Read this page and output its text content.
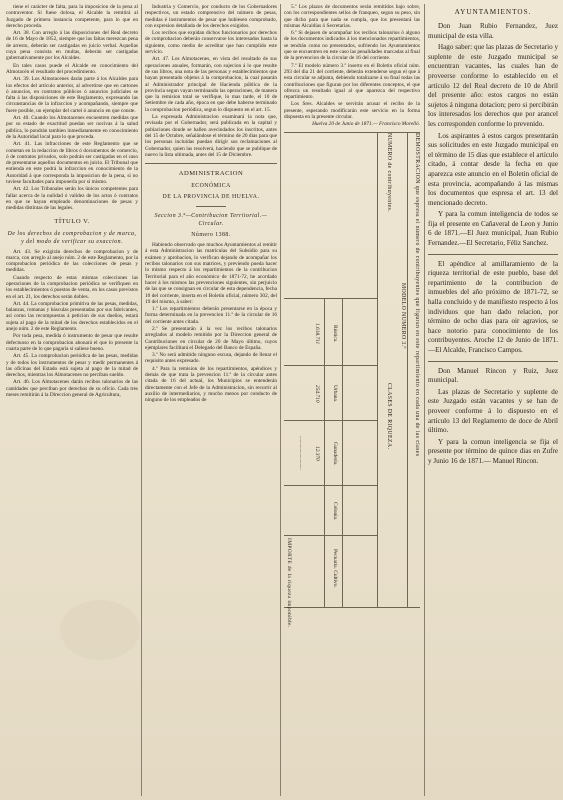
tiene el carácter de falta, para la imposicion de la pena al contraventor. Si fuese dolosa, el Alcalde la remitirá al Juzgado de primera instancia competente, para lo que en derecho proceda.

Art. 38. Con arreglo á las disposiciones del Real decreto de 16 de Mayo de 1852, siempre que las faltas merezcan pena de arresto, deberán ser castigadas en juicio verbal. Aquellas cuya pena consista en multas, deberán ser castigadas gubernativamente por los Alcaldes.

En tales casos puede el Alcalde en conocimiento del Almotacén el resultado del procedimiento.

Art. 39. Los Almotacenes darán parte á los Alcaldes para los efectos del artículo anterior, al advertirse que en cartones ó anuncios, en contratos públicos ó anuncios judiciales se falta á las disposiciones de este Reglamento, expresando las circunstancias de la infraccion y acompañando, siempre que fuere posible, un ejemplar del cartel ó anuncio en que conste.

Art. 40. Cuando los Almotacenes encuentren medidas que por su estado de exactitud puedan ser nocivas á la salud pública, lo pondrán tambien inmediatamente en conocimiento de la Autoridad local para lo que proceda.

Art. 41. Las infracciones de este Reglamento que se cometan en la redaccion de libros ó documentos de comercio, ó de contratos privados, solo podrán ser castigadas en el caso de presentarse aquellos documentos en juicio. El Tribunal que entienda en este podrá la infraccion en conocimiento de la Autoridad á que corresponda la imposicion de la pena, si no tuviese facultades para imponerla por sí mismo.

Art. 42. Los Tribunales serán los únicos competentes para fallar acerca de la nulidad ó validez de los actos ó contratos en que se hayan empleado denominaciones de pesas y medidas distintas de las legales.

TÍTULO V.
De los derechos de comprobacion y de marca, y del modo de verificar su exaccion.

Art. 43. Se exigirán derechos de comprobacion y de marca, con arreglo al anejo núm. 2 de este Reglamento, por la comprobacion periódica de las colecciones de pesas y medidas.

Cuando respecto de estas mismas colecciones las operaciones de la comprobacion periódica se verifiquen en los establecimientos ó puestos de venta, en los casos previstos en el art. 21, los derechos serán dobles.

Art. 44. La comprobacion primitiva de las pesas, medidas, balanzas, romanas y básculas presentadas por sus fabricantes, así como las recompuestas á peticion de sus dueños, estará sujeta al pago de la mitad de los derechos establecidos en el anejo núm. 2 de este Reglamento.

Por toda pesa, medida ó instrumento de pesar que resulte defectuoso en la comprobacion abonará el que lo presente la cuarta parte de lo que pagaría si saliese bueno.

Art. 45. La comprobacion periódica de las pesas, medidas y de todos los instrumentos de pesar y medir permanentes á las oficinas del Estado está sujeta al pago de la mitad de derechos, mientras los Almotacenes no perciban sueldo.

Art. 46. Los Almotacenes darán recibos talonarios de las cantidades que perciban por derechos de su oficio. Cada tres meses remitirán á la Direccion general de Agricultura,

Industria y Comercio, por conducto de los Gobernadores respectivos, un estado comprensivo del número de pesas, medidas é instrumentos de pesar que hubiesen comprobado, con expresion detallada de los derechos exigidos.

Los recibos que expidan dichos funcionarios por derechos de comprobacion deberán conservarse los interesados hasta la siguiente, como medio de acreditar que han cumplido este servicio.

Art. 47. Los Almotacenes, en vista del resultado de sus operaciones anuales, formarán, con sujecion á lo que resulte de sus libros, una nota de las personas y establecimientos que hayan presentado objetos á la comprobacion, la cual pasarán al Administrador principal de Hacienda pública de la provincia segun vayan terminando las operaciones, de manera que la remision total se verifique, lo mas tarde, el 10 de Setiembre de cada año, época en que debe haberse terminado la comprobacion periódica, segun lo dispuesto en el art. 15.

La expresada Administracion examinará la nota que, revisada por el Gobernador, será publicada en la capital y poblaciones donde se hallen avecindados los inscritos, antes del 15 de Octubre, señalándose el término de 20 dias para que los personas incluidas puedan dirigir sus reclamaciones al Gobernador, quien las resolverá, haciendo que se publique de nuevo la lista ultimada, antes del 15 de Diciembre.

ADMINISTRACION
ECONÓMICA
DE LA PROVINCIA DE HUELVA.
Seccion 3.ª—Contribucion Territorial.—Circular.
Número 1388.

Habiendo observado que muchos Ayuntamientos al remitir á esta Administracion las matrículas del Subsidio para su exámen y aprobacion, lo verifican dejando de acompañar los recibos talonarios con sus matrices, y previendo pueda hacer lo mismo respecto á los repartimientos de la contribucion Territorial para el año económico de 1871-72, he acordado hacer á los mismos las prevenciones siguientes, sin perjuicio de las que se consignan en circular de esta dependencia, fecha 10 del corriente, inserta en el Boletin oficial, número 302, del 19 del mismo, á saber:

1.º Los repartimientos deberán presentarse en la época y forma determinada en la prevencion 11.ª de la circular de 16 del corriente antes citada.

2.º Se presentarán á la vez los recibos talonarios arreglados al modelo remitido por la Direccion general de Contribuciones en circular de 20 de Mayo último, cuyos ejemplares facilitará el Delegado del Banco de España.

3.º No será admitido ninguno escusa, dejando de llenar el requisito antes expresado.

4.º Para la remision de los repartimientos, apéndices y demás de que trata la prevencion 11.ª de la circular antes citada de 16 del actual, los Municipios se entenderán directamente con el Jefe de la Administracion, sin recurrir al auxilio de intermediarios, y mucho menos por conducto de ninguno de los empleados de

5.º Los plazos de documentos serán remitidos bajo sobre, con los correspondientes sellos de franqueo, segun su peso, sin que dicho para que nada se cumpla, que los presentará las mismas Alcaldías ó Secretarías.

6.º Si dejasen de acompañar los recibos talonarios ó alguno de los documentos indicados á los mencionados repartimientos, se tendrán como no presentados, sufriendo los Ayuntamientos que se encuentren en este caso las penalidades marcadas al final de la prevencion de la circular de 16 del corriente.

7.º El modelo número 3.º inserto en el Boletin oficial núm. 293 del dia 21 del corriente, deberán extenderse segun el que á esta circular se adjunta, debiendo totalizarse á su final todas las contribuciones que figuran por los diferentes conceptos, el que ofrezca un resultado igual al que aparezca del respectivo repartimiento.

Los Sres. Alcaldes se servirán acusar el recibo de la presente, esperando modificarán este servicio en la forma dispuesta en la presente circular.

Huelva 20 de Junio de 1871.— Francisco Morelló.
DEMOSTRACION que espresa el número de contribuyentes que figuran en este repartimiento en cada una de las clases
MODELO NÚMERO 3.º
NÚMERO de contribuyentes.
CLASES DE RIQUEZA.
Rústica.
Urbana.
Ganadería.
Colonia.
Pecuaria. Cultivo.
1.618.711
254.710
12.370
...........................
IMPORTE de la riqueza imponible.
AYUNTAMIENTOS.

Don Juan Rubio Fernandez, Juez municipal de esta villa.

Hago saber: que las plazas de Secretario y suplente de este Juzgado municipal se encuentran vacantes, las cuales han de proveerse conforme lo establecido en el artículo 12 del Real decreto de 10 de Abril del presente año: estos cargos no están sujetos á ninguna dotacion; pero si percibirán los interesados los derechos que por arancel les corresponden conforme lo prevenido.

Los aspirantes á estos cargos presentarán sus solicitudes en este Juzgado municipal en el término de 15 dias que establece el artículo citado, á contar desde la fecha en que aparezca este anuncio en el Boletin oficial de esta provincia, acompañando á las mismas los documentos que espresa el art. 13 del mencionado decreto.

Y para la comun inteligencia de todos se fija el presente en Cañaveral de Leon y Junio 6 de 1871.—El Juez municipal, Juan Rubio Fernandez.—El Secretario, Féliz Sanchez.

El apéndice al amillaramiento de la riqueza territorial de este pueblo, base del repartimiento de la contribucion de inmuebles del año próximo de 1871-72, se halla concluido y de manifiesto respecto á los individuos que han dado relacion, por término de ocho dias para oir agravios, se hace notorio para conocimiento de los contribuyentes. Aroche 12 de Junio de 1871.—El Alcalde, Francisco Campos.

Don Manuel Rincon y Ruiz, Juez municipal.

Las plazas de Secretario y suplente de este Juzgado están vacantes y se han de proveer conforme á lo dispuesto en el artículo 13 del Reglamento de doce de Abril último.

Y para la comun inteligencia se fija el presente por término de quince dias en Zufre y Junio 16 de 1871.— Manuel Rincon.
